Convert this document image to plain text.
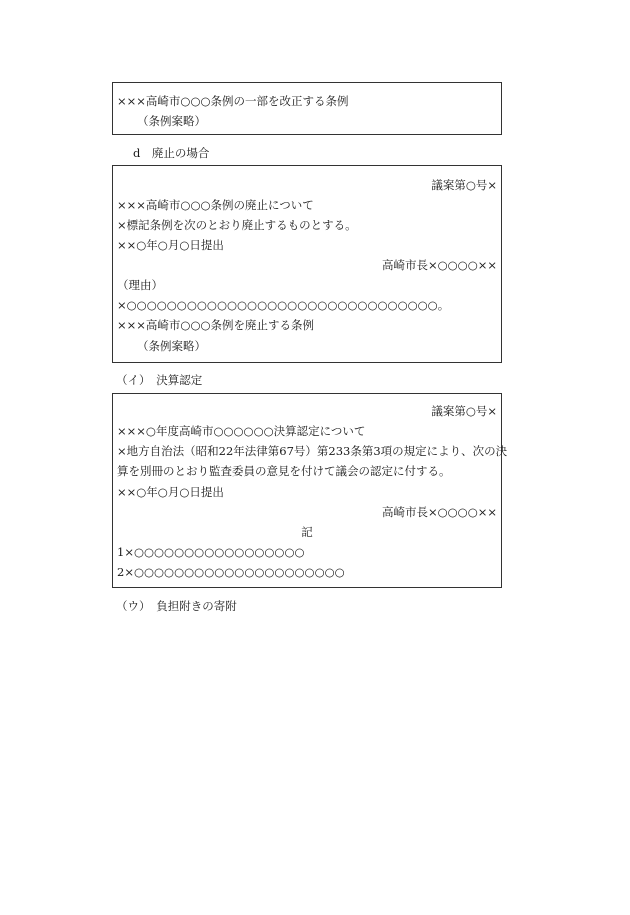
×××高崎市○○○条例の一部を改正する条例
（条例案略）
d　廃止の場合
議案第○号×
×××高崎市○○○条例の廃止について
×標記条例を次のとおり廃止するものとする。
××○年○月○日提出
高崎市長×○○○○××
（理由）
×○○○○○○○○○○○○○○○○○○○○○○○○○○○○○○○。
×××高崎市○○○条例を廃止する条例
（条例案略）
（イ）　決算認定
議案第○号×
×××○年度高崎市○○○○○○決算認定について
×地方自治法（昭和22年法律第67号）第233条第3項の規定により、次の決
算を別冊のとおり監査委員の意見を付けて議会の認定に付する。
××○年○月○日提出
高崎市長×○○○○××
記
1×○○○○○○○○○○○○○○○○○
2×○○○○○○○○○○○○○○○○○○○○○
（ウ）　負担附きの寄附
